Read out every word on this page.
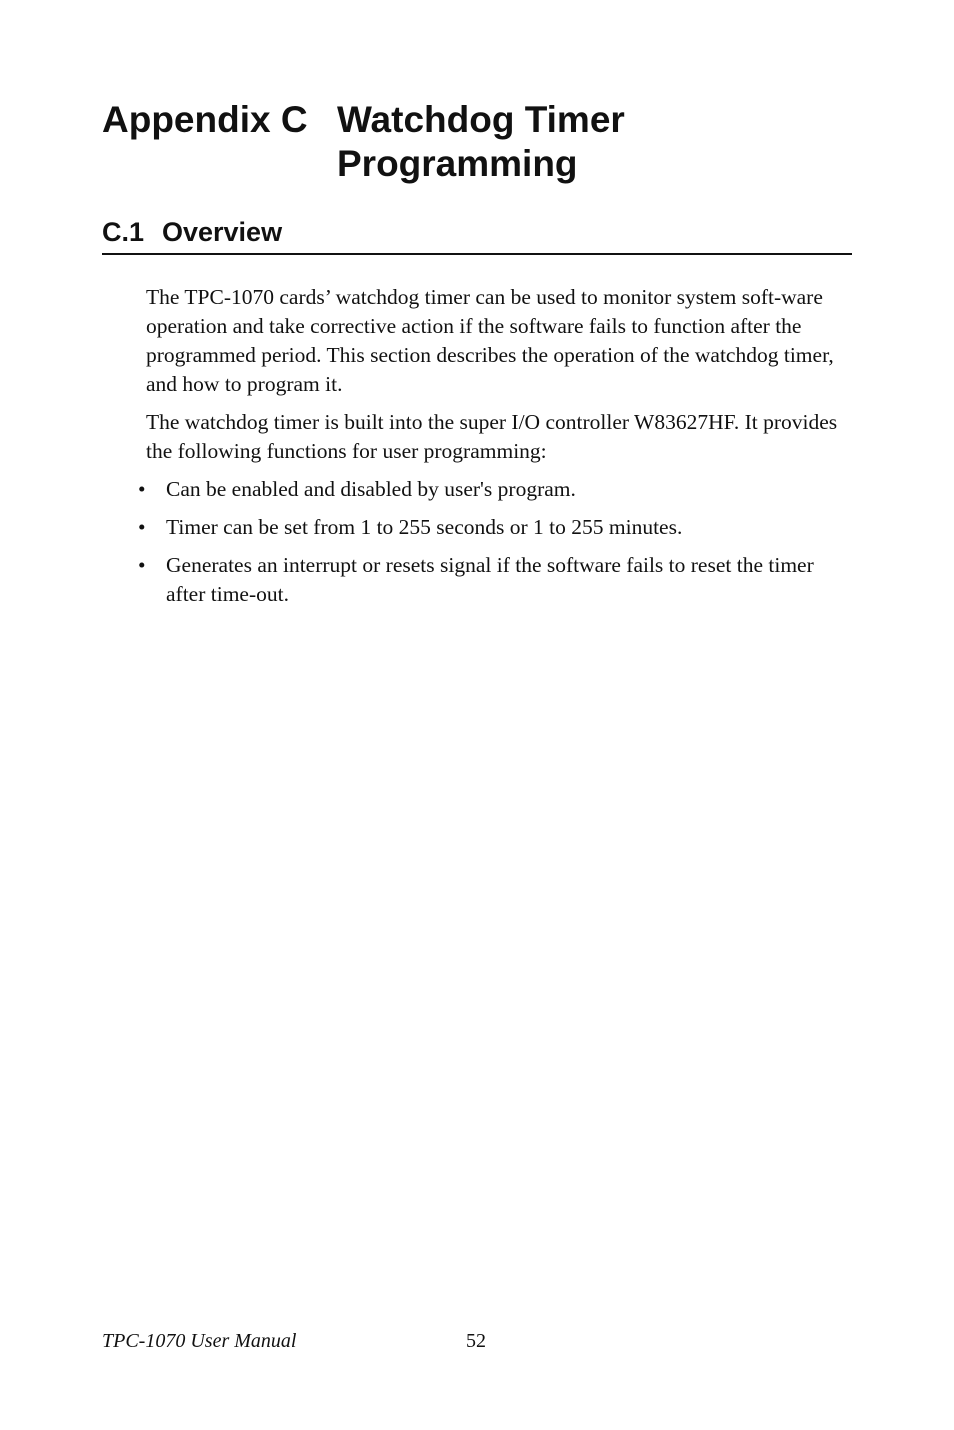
Appendix C Watchdog Timer Programming
C.1 Overview

The TPC-1070 cards’ watchdog timer can be used to monitor system soft-ware operation and take corrective action if the software fails to function after the programmed period. This section describes the operation of the watchdog timer, and how to program it.

The watchdog timer is built into the super I/O controller W83627HF. It provides the following functions for user programming:

• Can be enabled and disabled by user's program.
• Timer can be set from 1 to 255 seconds or 1 to 255 minutes.
• Generates an interrupt or resets signal if the software fails to reset the timer after time-out.
TPC-1070 User Manual	52
